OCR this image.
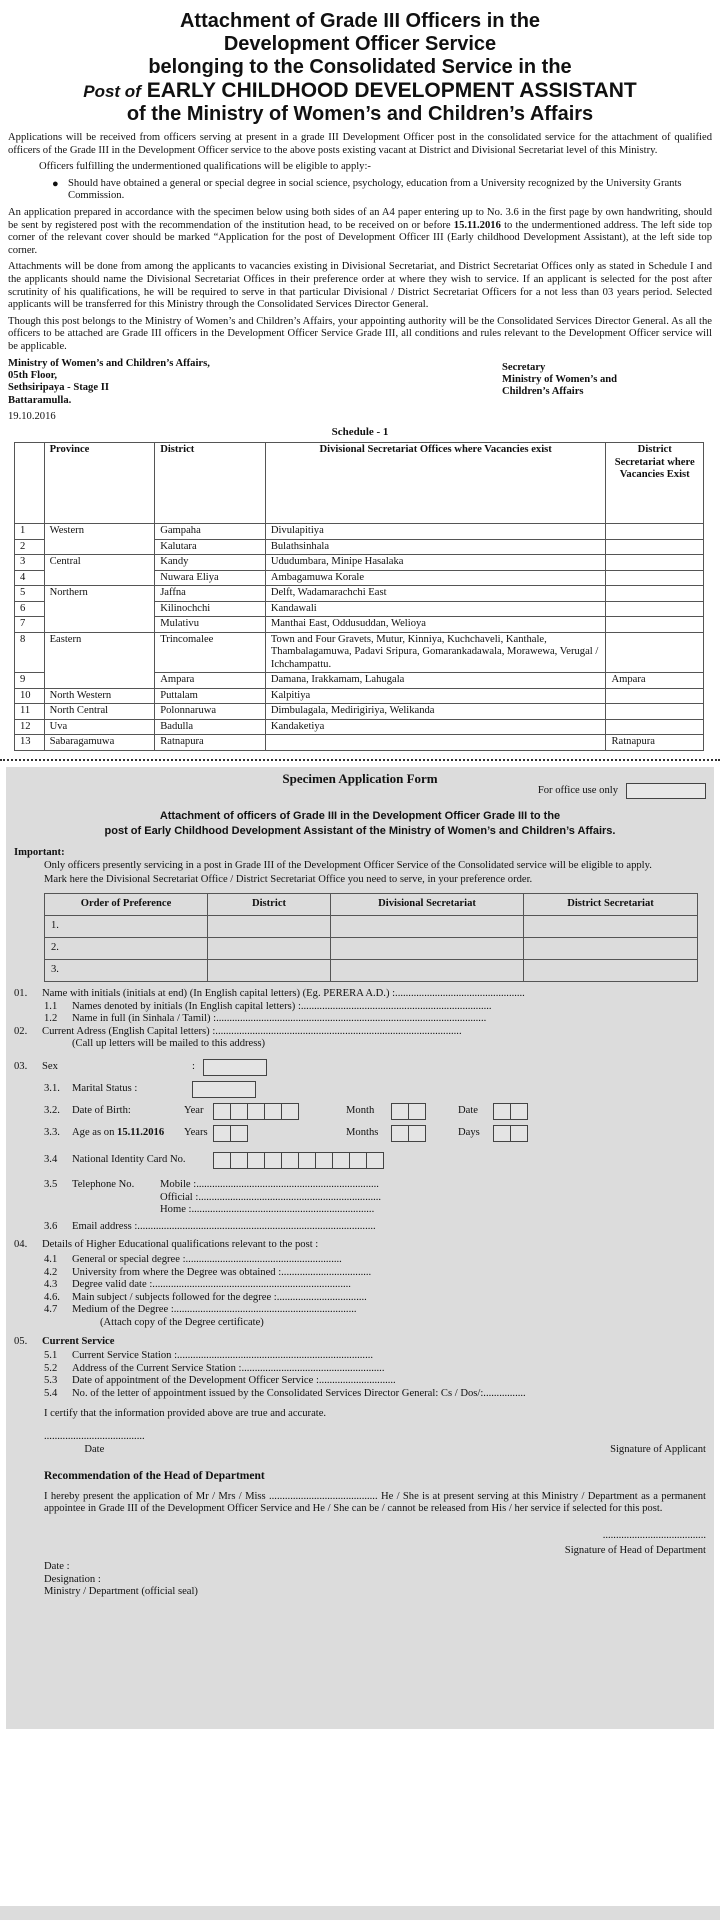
Attachment of Grade III Officers in the
Development Officer Service
belonging to the Consolidated Service in the
Post of EARLY CHILDHOOD DEVELOPMENT ASSISTANT
of the Ministry of Women’s and Children’s Affairs

Applications will be received from officers serving at present in a grade III Development Officer post in the consolidated service for the attachment of qualified officers of the Grade III in the Development Officer service to the above posts existing vacant at District and Divisional Secretariat level of this Ministry.

Officers fulfilling the undermentioned qualifications will be eligible to apply:-

● Should have obtained a general or special degree in social science, psychology, education from a University recognized by the University Grants Commission.

An application prepared in accordance with the specimen below using both sides of an A4 paper entering up to No. 3.6 in the first page by own handwriting, should be sent by registered post with the recommendation of the institution head, to be received on or before 15.11.2016 to the undermentioned address. The left side top corner of the relevant cover should be marked “Application for the post of Development Officer III (Early childhood Development Assistant), at the left side top corner.

Attachments will be done from among the applicants to vacancies existing in Divisional Secretariat, and District Secretariat Offices only as stated in Schedule I and the applicants should name the Divisional Secretariat Offices in their preference order at where they wish to service. If an applicant is selected for the post after scrutinity of his qualifications, he will be required to serve in that particular Divisional / District Secretariat Officers for a not less than 03 years period. Selected applicants will be transferred for this Ministry through the Consolidated Services Director General.

Though this post belongs to the Ministry of Women’s and Children’s Affairs, your appointing authority will be the Consolidated Services Director General. As all the officers to be attached are Grade III officers in the Development Officer Service Grade III, all conditions and rules relevant to the Development Officer service will be applicable.

Ministry of Women’s and Children’s Affairs,
05th Floor,
Sethsiripaya - Stage II
Battaramulla.
Secretary
Ministry of Women’s and
Children’s Affairs
19.10.2016
Schedule - 1
	Province	District	Divisional Secretariat Offices where Vacancies exist	District Secretariat where Vacancies Exist
1	Western	Gampaha	Divulapitiya	
2		Kalutara	Bulathsinhala	
3	Central	Kandy	Ududumbara, Minipe Hasalaka	
4		Nuwara Eliya	Ambagamuwa Korale	
5	Northern	Jaffna	Delft, Wadamarachchi East	
6		Kilinochchi	Kandawali	
7		Mulativu	Manthai East, Oddusuddan, Welioya	
8	Eastern	Trincomalee	Town and Four Gravets, Mutur, Kinniya, Kuchchaveli, Kanthale, Thambalagamuwa, Padavi Sripura, Gomarankadawala, Morawewa, Verugal / Ichchampattu.	
9		Ampara	Damana, Irakkamam, Lahugala	Ampara
10	North Western	Puttalam	Kalpitiya	
11	North Central	Polonnaruwa	Dimbulagala, Medirigiriya, Welikanda	
12	Uva	Badulla	Kandaketiya	
13	Sabaragamuwa	Ratnapura		Ratnapura
Specimen Application Form
For office use only
Attachment of officers of Grade III in the Development Officer Grade III to the
post of Early Childhood Development Assistant of the Ministry of Women’s and Children’s Affairs.
Important:
Only officers presently servicing in a post in Grade III of the Development Officer Service of the Consolidated service will be eligible to apply.
Mark here the Divisional Secretariat Office / District Secretariat Office you need to serve, in your preference order.
Order of Preference	District	Divisional Secretariat	District Secretariat
1.			
2.			
3.			
01.	Name with initials (initials at end) (In English capital letters) (Eg. PERERA A.D.) :.................................................
1.1	Names denoted by initials (In English capital letters) :........................................................................
1.2	Name in full (in Sinhala / Tamil) :......................................................................................................
02.	Current Adress (English Capital letters) :.............................................................................................
(Call up letters will be mailed to this address)
03.	Sex	:
3.1.	Marital Status :
3.2.	Date of Birth:	Year	Month	Date
3.3.	Age as on 15.11.2016	Years	Months	Days
3.4	National Identity Card No.
3.5	Telephone No.	Mobile :.....................................................................
Official :.....................................................................
Home :.....................................................................
3.6	Email address :..........................................................................................
04.	Details of Higher Educational qualifications relevant to the post :
4.1	General or special degree :...........................................................
4.2	University from where the Degree was obtained :..................................
4.3	Degree valid date :...........................................................................
4.6.	Main subject / subjects followed for the degree :..................................
4.7	Medium of the Degree :.....................................................................
(Attach copy of the Degree certificate)
05.	Current Service
5.1	Current Service Station :..........................................................................
5.2	Address of the Current Service Station :......................................................
5.3	Date of appointment of the Development Officer Service :.............................
5.4	No. of the letter of appointment issued by the Consolidated Services Director General: Cs / Dos/:................
I certify that the information provided above are true and accurate.
......................................
Date	Signature of Applicant
Recommendation of the Head of Department
I hereby present the application of Mr / Mrs / Miss ......................................... He / She is at present serving at this Ministry / Department as a permanent appointee in Grade III of the Development Officer Service and He / She can be / cannot be released from His / her service if selected for this post.
.......................................
Signature of Head of Department
Date :
Designation :
Ministry / Department (official seal)
